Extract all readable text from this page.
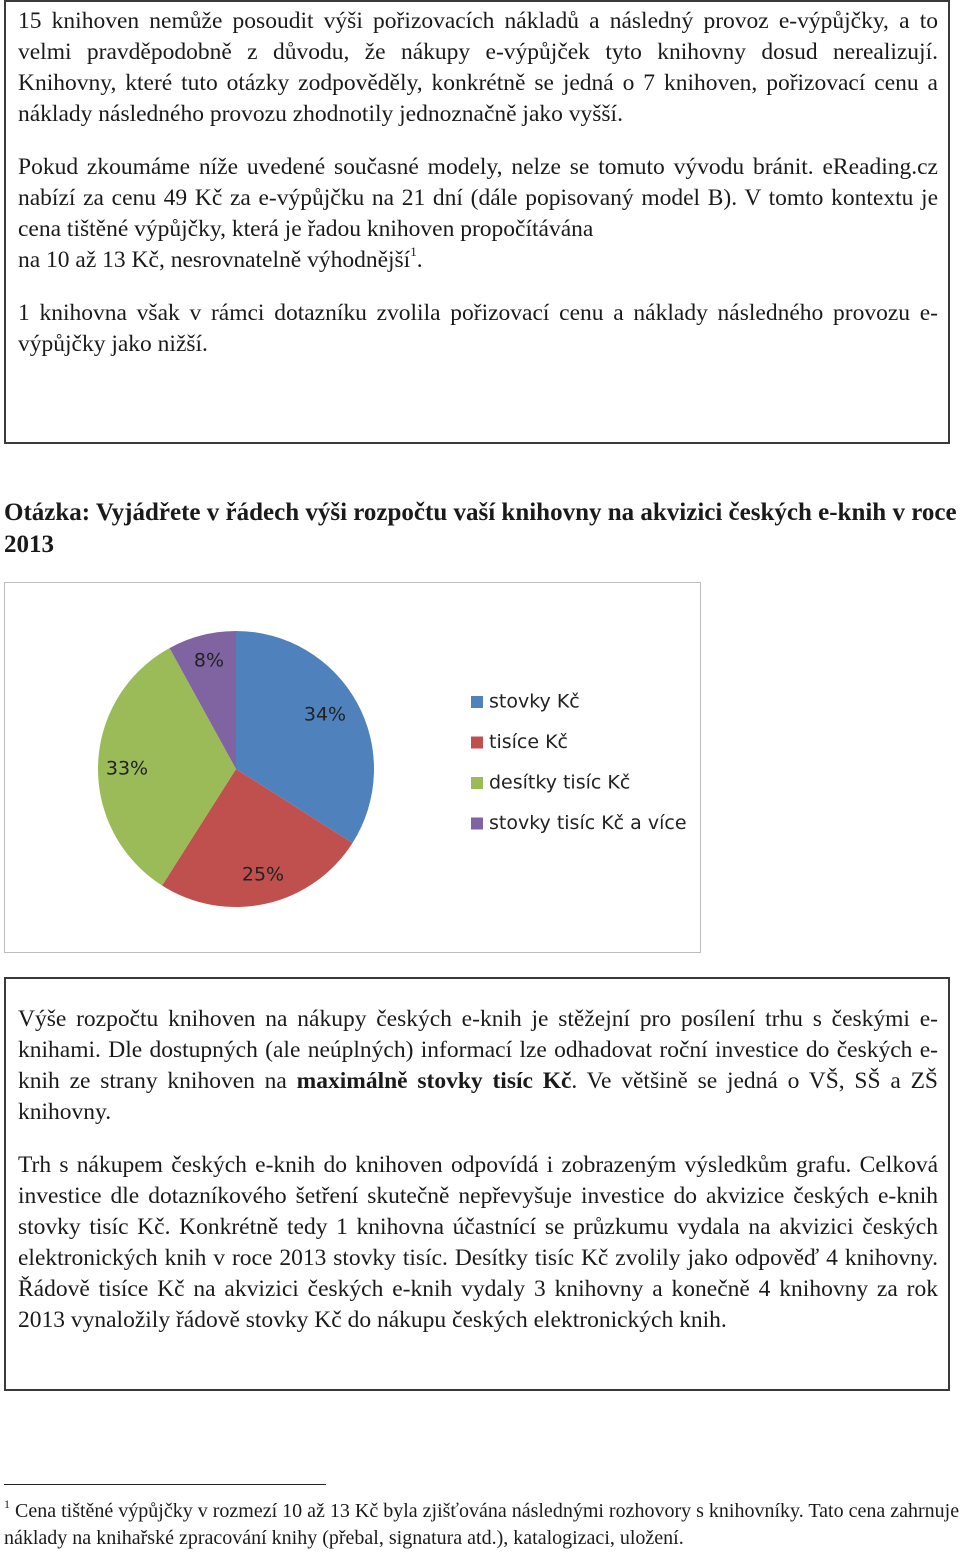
15 knihoven nemůže posoudit výši pořizovacích nákladů a následný provoz e-výpůjčky, a to velmi pravděpodobně z důvodu, že nákupy e-výpůjček tyto knihovny dosud nerealizují. Knihovny, které tuto otázky zodpověděly, konkrétně se jedná o 7 knihoven, pořizovací cenu a náklady následného provozu zhodnotily jednoznačně jako vyšší.

Pokud zkoumáme níže uvedené současné modely, nelze se tomuto vývodu bránit. eReading.cz nabízí za cenu 49 Kč za e-výpůjčku na 21 dní (dále popisovaný model B). V tomto kontextu je cena tištěné výpůjčky, která je řadou knihoven propočítávána
na 10 až 13 Kč, nesrovnatelně výhodnější$^1$.

1 knihovna však v rámci dotazníku zvolila pořizovací cenu a náklady následného provozu e-výpůjčky jako nižší.

Otázka: Vyjádřete v řádech výši rozpočtu vaší knihovny na akvizici českých e-knih v roce 2013

34%
25%
33%
8%
stovky Kč
tisíce Kč
desítky tisíc Kč
stovky tisíc Kč a více

Výše rozpočtu knihoven na nákupy českých e-knih je stěžejní pro posílení trhu s českými e-knihami. Dle dostupných (ale neúplných) informací lze odhadovat roční investice do českých e-knih ze strany knihoven na maximálně stovky tisíc Kč. Ve většině se jedná o VŠ, SŠ a ZŠ knihovny.

Trh s nákupem českých e-knih do knihoven odpovídá i zobrazeným výsledkům grafu. Celková investice dle dotazníkového šetření skutečně nepřevyšuje investice do akvizice českých e-knih stovky tisíc Kč. Konkrétně tedy 1 knihovna účastnící se průzkumu vydala na akvizici českých elektronických knih v roce 2013 stovky tisíc. Desítky tisíc Kč zvolily jako odpověď 4 knihovny. Řádově tisíce Kč na akvizici českých e-knih vydaly 3 knihovny a konečně 4 knihovny za rok 2013 vynaložily řádově stovky Kč do nákupu českých elektronických knih.

$^1$ Cena tištěné výpůjčky v rozmezí 10 až 13 Kč byla zjišťována následnými rozhovory s knihovníky. Tato cena zahrnuje náklady na knihařské zpracování knihy (přebal, signatura atd.), katalogizaci, uložení.
